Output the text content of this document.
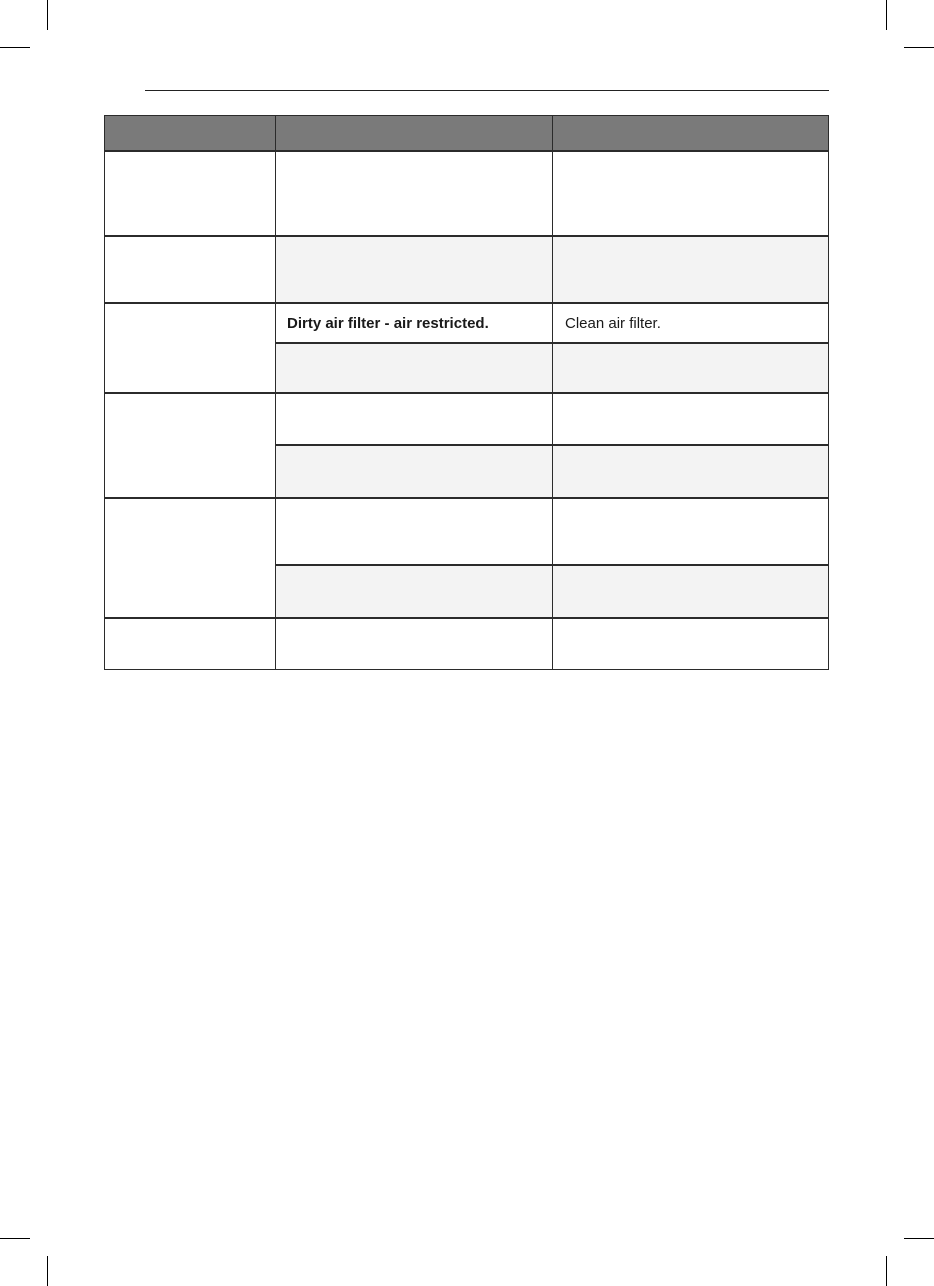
Dirty air filter - air restricted.	Clean air filter.
